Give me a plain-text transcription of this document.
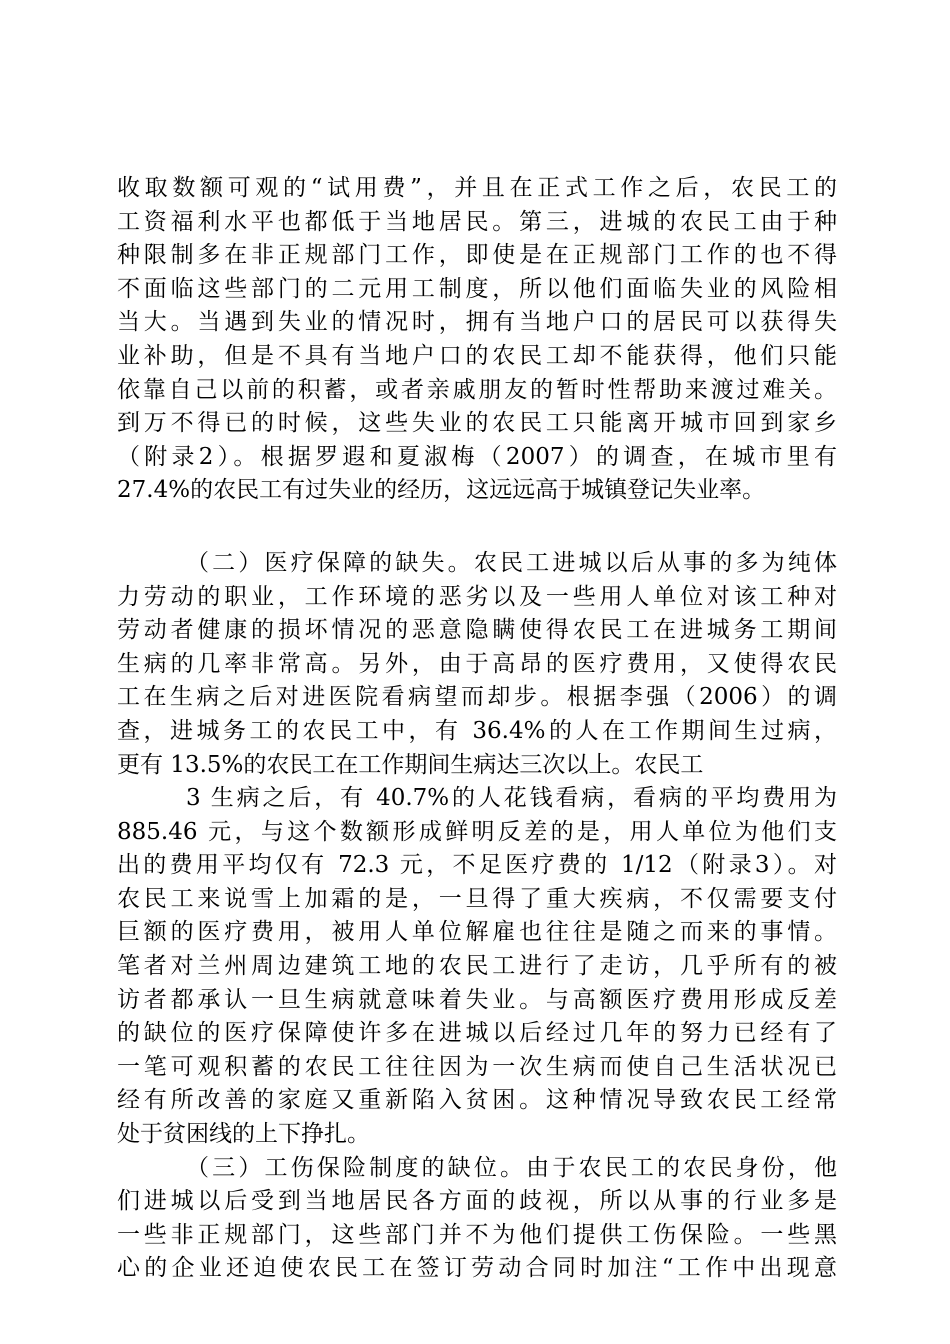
收取数额可观的“试用费”，并且在正式工作之后，农民工的
工资福利水平也都低于当地居民。第三，进城的农民工由于种
种限制多在非正规部门工作，即使是在正规部门工作的也不得
不面临这些部门的二元用工制度，所以他们面临失业的风险相
当大。当遇到失业的情况时，拥有当地户口的居民可以获得失
业补助，但是不具有当地户口的农民工却不能获得，他们只能
依靠自己以前的积蓄，或者亲戚朋友的暂时性帮助来渡过难关。
到万不得已的时候，这些失业的农民工只能离开城市回到家乡
（附录2）。根据罗遐和夏淑梅（2007）的调查，在城市里有
27.4%的农民工有过失业的经历，这远远高于城镇登记失业率。
（二）医疗保障的缺失。农民工进城以后从事的多为纯体
力劳动的职业，工作环境的恶劣以及一些用人单位对该工种对
劳动者健康的损坏情况的恶意隐瞒使得农民工在进城务工期间
生病的几率非常高。另外，由于高昂的医疗费用，又使得农民
工在生病之后对进医院看病望而却步。根据李强（2006）的调
查，进城务工的农民工中，有 36.4%的人在工作期间生过病，
更有 13.5%的农民工在工作期间生病达三次以上。农民工
3 生病之后，有 40.7%的人花钱看病，看病的平均费用为
885.46 元，与这个数额形成鲜明反差的是，用人单位为他们支
出的费用平均仅有 72.3 元，不足医疗费的 1/12（附录3）。对
农民工来说雪上加霜的是，一旦得了重大疾病，不仅需要支付
巨额的医疗费用，被用人单位解雇也往往是随之而来的事情。
笔者对兰州周边建筑工地的农民工进行了走访，几乎所有的被
访者都承认一旦生病就意味着失业。与高额医疗费用形成反差
的缺位的医疗保障使许多在进城以后经过几年的努力已经有了
一笔可观积蓄的农民工往往因为一次生病而使自己生活状况已
经有所改善的家庭又重新陷入贫困。这种情况导致农民工经常
处于贫困线的上下挣扎。
（三）工伤保险制度的缺位。由于农民工的农民身份，他
们进城以后受到当地居民各方面的歧视，所以从事的行业多是
一些非正规部门，这些部门并不为他们提供工伤保险。一些黑
心的企业还迫使农民工在签订劳动合同时加注“工作中出现意
